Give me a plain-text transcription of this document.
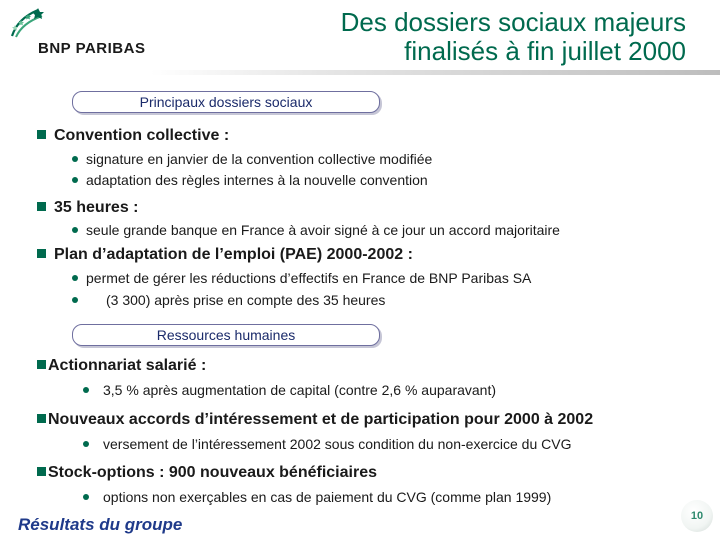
BNP PARIBAS
Des dossiers sociaux majeurs
finalisés à fin juillet 2000
Principaux dossiers sociaux
Convention collective :
signature en janvier de la convention collective modifiée
adaptation des règles internes à la nouvelle convention
35 heures :
seule grande banque en France à avoir signé à ce jour un accord majoritaire
Plan d’adaptation de l’emploi (PAE) 2000-2002 :
permet de gérer les réductions d’effectifs en France de BNP Paribas SA
(3 300) après prise en compte des 35 heures
Ressources humaines
Actionnariat salarié :
3,5 % après augmentation de capital (contre 2,6 % auparavant)
Nouveaux accords d’intéressement et de participation pour 2000 à 2002
versement de l’intéressement 2002 sous condition du non-exercice du CVG
Stock-options : 900 nouveaux bénéficiaires
options non exerçables en cas de paiement du CVG (comme plan 1999)
Résultats du groupe	10
